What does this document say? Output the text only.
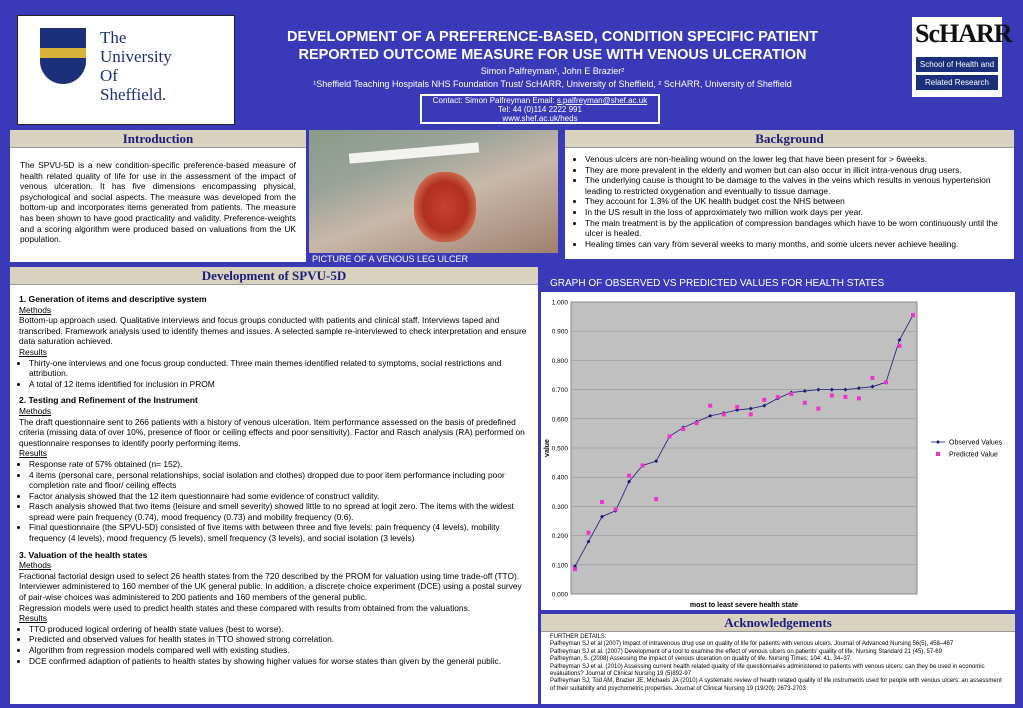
The
University
Of
Sheffield.
DEVELOPMENT OF A PREFERENCE-BASED, CONDITION SPECIFIC PATIENT
REPORTED OUTCOME MEASURE FOR USE WITH VENOUS ULCERATION
Simon Palfreyman¹, John E Brazier²
¹Sheffield Teaching Hospitals NHS Foundation Trust/ ScHARR, University of Sheffield, ² ScHARR, University of Sheffield
Contact: Simon Palfreyman Email: s.palfreyman@shef.ac.uk
Tel: 44 (0)114 2222 991
www.shef.ac.uk/heds
ScHARR
School of Health and
Related Research
Introduction
The SPVU-5D is a new condition-specific preference-based measure of health related quality of life for use in the assessment of the impact of venous ulceration. It has five dimensions encompassing physical, psychological and social aspects. The measure was developed from the bottom-up and incorporates items generated from patients. The measure has been shown to have good practicality and validity. Preference-weights and a scoring algorithm were produced based on valuations from the UK population.
PICTURE OF A VENOUS LEG ULCER
Background
• Venous ulcers are non-healing wound on the lower leg that have been present for > 6weeks.
• They are more prevalent in the elderly and women but can also occur in illicit intra-venous drug users.
• The underlying cause is thought to be damage to the valves in the veins which results in venous hypertension leading to restricted oxygenation and eventually to tissue damage.
• They account for 1.3% of the UK health budget cost the NHS between
• In the US result in the loss of approximately two million work days per year.
• The main treatment is by the application of compression bandages which have to be worn continuously until the ulcer is healed.
• Healing times can vary from several weeks to many months, and some ulcers never achieve healing.
Development of SPVU-5D

1. Generation of items and descriptive system

Methods
Bottom-up approach used. Qualitative interviews and focus groups conducted with patients and clinical staff. Interviews taped and transcribed. Framework analysis used to identify themes and issues. A selected sample re-interviewed to check interpretation and ensure data saturation achieved.
Results
• Thirty-one interviews and one focus group conducted. Three main themes identified related to symptoms, social restrictions and attribution.
• A total of 12 items identified for inclusion in PROM

2. Testing and Refinement of the Instrument

Methods
The draft questionnaire sent to 266 patients with a history of venous ulceration. Item performance assessed on the basis of predefined criteria (missing data of over 10%, presence of floor or ceiling effects and poor sensitivity). Factor and Rasch analysis (RA) performed on questionnaire responses to identify poorly performing items.
Results
• Response rate of 57% obtained (n= 152).
• 4 items (personal care, personal relationships, social isolation and clothes) dropped due to poor item performance including poor completion rate and floor/ ceiling effects
• Factor analysis showed that the 12 item questionnaire had some evidence of construct validity.
• Rasch analysis showed that two items (leisure and smell severity) showed little to no spread at logit zero. The items with the widest spread were pain frequency (0.74), mood frequency (0.73) and mobility frequency (0.6).
• Final questionnaire (the SPVU-5D) consisted of five items with between three and five levels: pain frequency (4 levels), mobility frequency (4 levels), mood frequency (5 levels), smell frequency (3 levels), and social isolation (3 levels)

3. Valuation of the health states

Methods
Fractional factorial design used to select 26 health states from the 720 described by the PROM for valuation using time trade-off (TTO). Interviewer administered to 160 member of the UK general public. In addition, a discrete choice experiment (DCE) using a postal survey of pair-wise choices was administered to 200 patients and 160 members of the general public.
Regression models were used to predict health states and these compared with results from obtained from the valuations.
Results
• TTO produced logical ordering of health state values (best to worse).
• Predicted and observed values for health states in TTO showed strong correlation.
• Algorithm from regression models compared well with existing studies.
• DCE confirmed adaption of patients to health states by showing higher values for worse states than given by the general public.
GRAPH OF OBSERVED VS PREDICTED VALUES FOR HEALTH STATES
0.000
0.100
0.200
0.300
0.400
0.500
0.600
0.700
0.800
0.900
1.000
value
most to least severe health state
Observed Values
Predicted Value
Acknowledgements
FURTHER DETAILS:
Palfreyman SJ et al (2007) Impact of intravenous drug use on quality of life for patients with venous ulcers. Journal of Advanced Nursing 56(5), 458–467
Palfreyman SJ et al. (2007) Development of a tool to examine the effect of venous ulcers on patients' quality of life. Nursing Standard 21 (45), 57-69
Palfreyman, S. (2008) Assessing the impact of venous ulceration on quality of life. Nursing Times; 104: 41, 34–37.
Palfreyman SJ et al. (2010) Assessing current health related quality of life questionnaires administered to patients with venous ulcers: can they be used in economic evaluations? Journal of Clinical Nursing 19 (5)892-97
Palfreyman SJ, Tod AM, Brazier JE, Michaels JA (2010) A systematic review of health related quality of life instruments used for people with venous ulcers: an assessment of their suitability and psychometric properties. Journal of Clinical Nursing 19 (19/20); 2673-2703
